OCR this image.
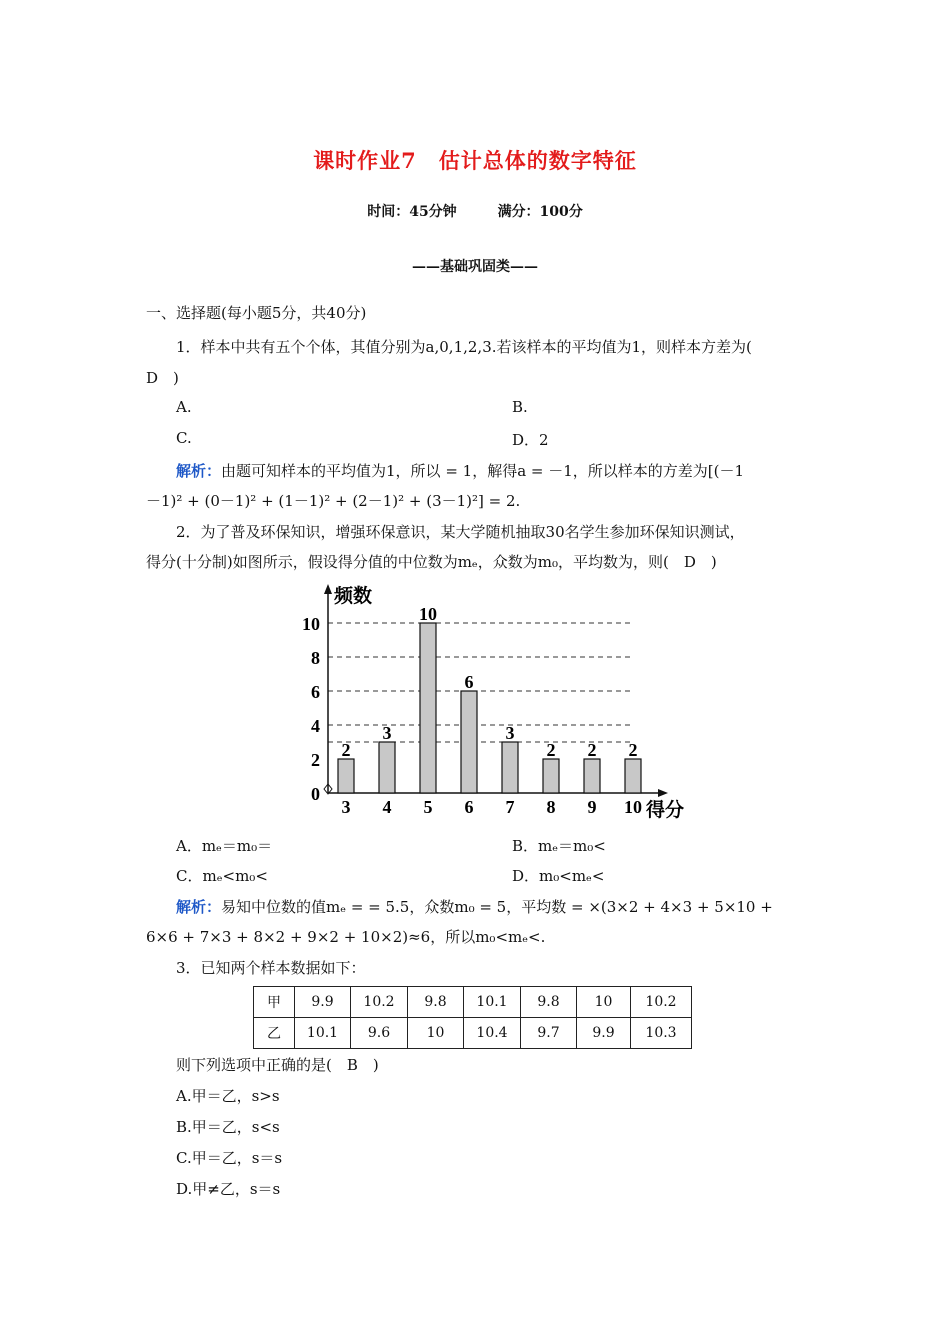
课时作业7　估计总体的数字特征
时间：45分钟	满分：100分
——基础巩固类——
一、选择题(每小题5分，共40分)
1．样本中共有五个个体，其值分别为a,0,1,2,3.若该样本的平均值为1，则样本方差为(
D　)
A.	B.
C.	D．2
解析：由题可知样本的平均值为1，所以 = 1，解得a = －1，所以样本的方差为[(－1
－1)² + (0－1)² + (1－1)² + (2－1)² + (3－1)²] = 2.
2．为了普及环保知识，增强环保意识，某大学随机抽取30名学生参加环保知识测试，
得分(十分制)如图所示，假设得分值的中位数为mₑ，众数为m₀，平均数为，则(　D　)
频数
得分
0
2
4
6
8
10
2
3
3
4
10
5
6
6
3
7
2
8
2
9
2
10
A．mₑ＝m₀＝	B．mₑ＝m₀<
C．mₑ<m₀<	D．m₀<mₑ<
解析：易知中位数的值mₑ = = 5.5，众数m₀ = 5，平均数 = ×(3×2 + 4×3 + 5×10 +
6×6 + 7×3 + 8×2 + 9×2 + 10×2)≈6，所以m₀<mₑ<.
3．已知两个样本数据如下：
甲	9.9	10.2	9.8	10.1	9.8	10	10.2
乙	10.1	9.6	10	10.4	9.7	9.9	10.3
则下列选项中正确的是(　B　)
A.甲＝乙，s>s
B.甲＝乙，s<s
C.甲＝乙，s＝s
D.甲≠乙，s＝s
